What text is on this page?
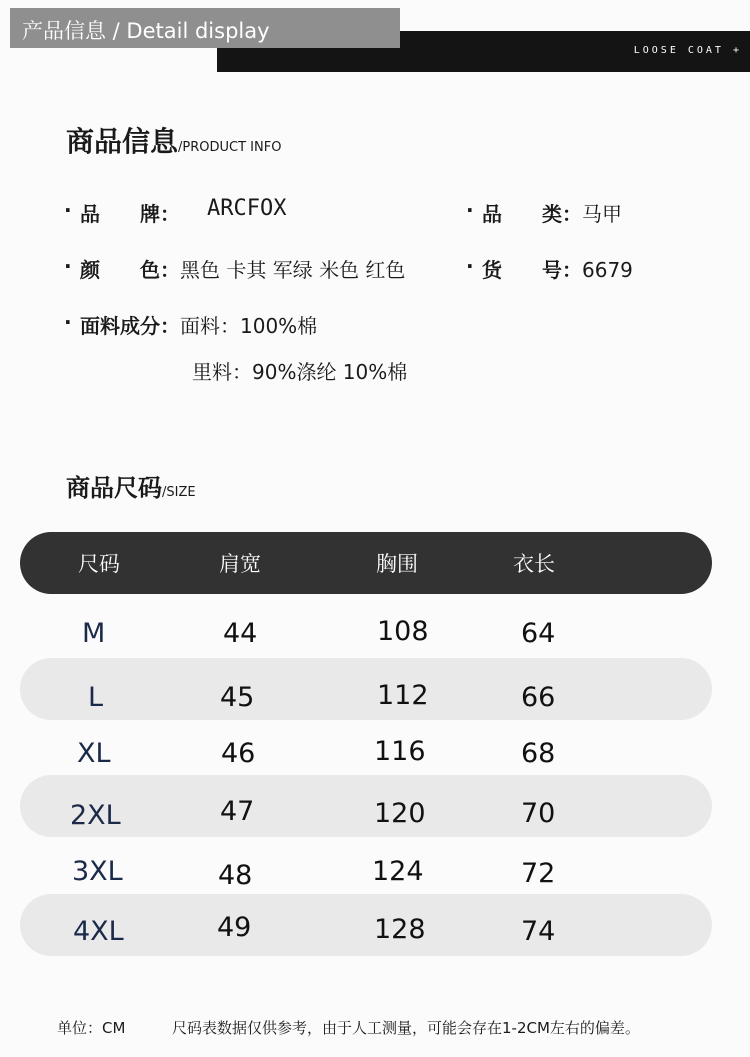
产品信息 / Detail display
LOOSE COAT +
商品信息/PRODUCT INFO
· 品　　牌： ARCFOX	· 品　　类：马甲
· 颜　　色：黑色 卡其 军绿 米色 红色	· 货　　号：6679
· 面料成分：面料：100%棉
里料：90%涤纶 10%棉
商品尺码/SIZE
尺码	肩宽	胸围	衣长
M	44	108	64
L	45	112	66
XL	46	116	68
2XL	47	120	70
3XL	48	124	72
4XL	49	128	74
单位：CM	尺码表数据仅供参考，由于人工测量，可能会存在1-2CM左右的偏差。
